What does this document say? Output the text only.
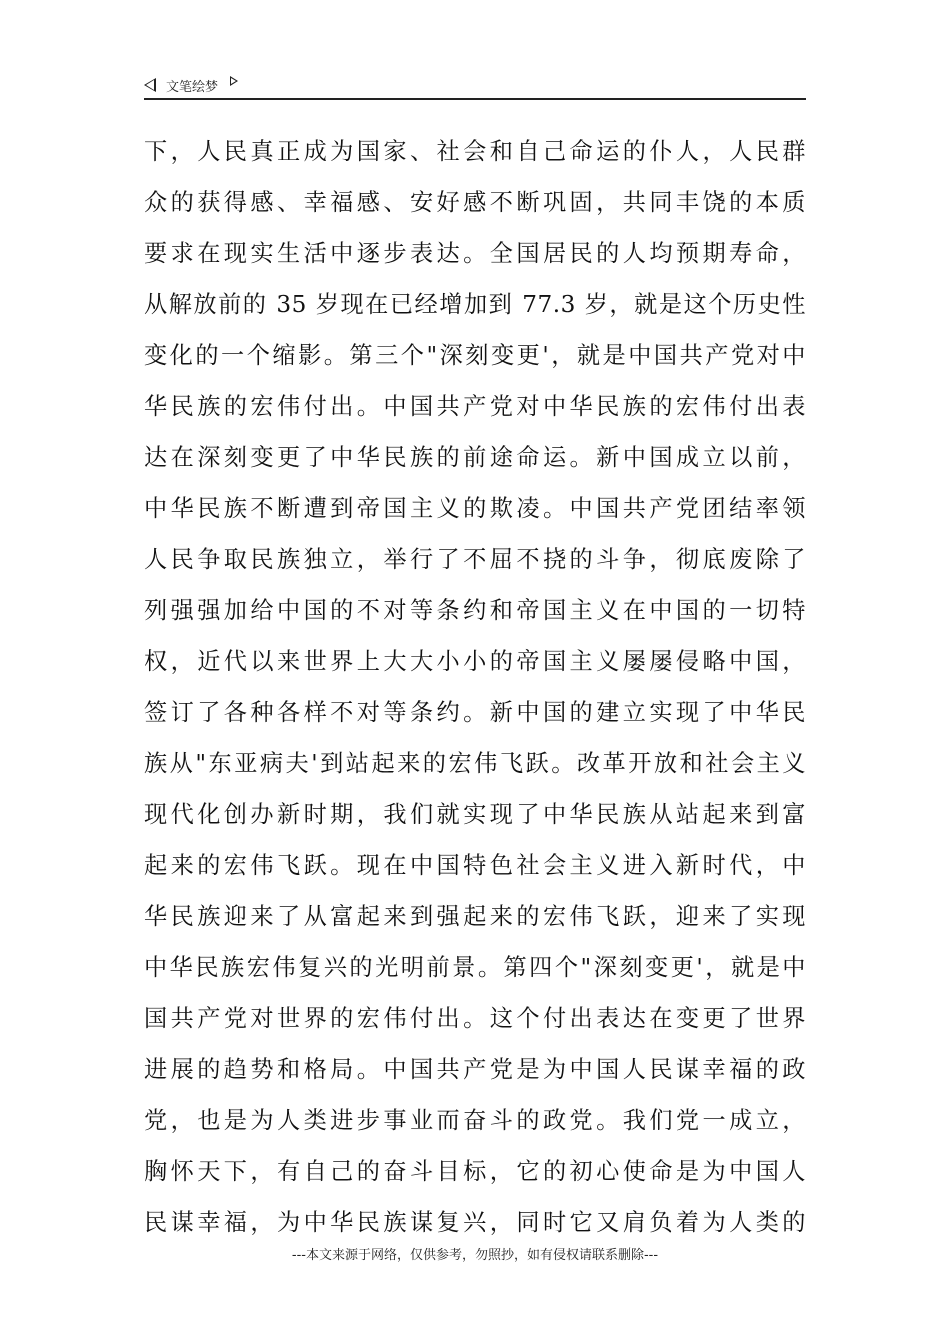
文笔绘梦
下，人民真正成为国家、社会和自己命运的仆人，人民群
众的获得感、幸福感、安好感不断巩固，共同丰饶的本质
要求在现实生活中逐步表达。全国居民的人均预期寿命，
从解放前的 35 岁现在已经增加到 77.3 岁，就是这个历史性
变化的一个缩影。第三个"深刻变更'，就是中国共产党对中
华民族的宏伟付出。中国共产党对中华民族的宏伟付出表
达在深刻变更了中华民族的前途命运。新中国成立以前，
中华民族不断遭到帝国主义的欺凌。中国共产党团结率领
人民争取民族独立，举行了不屈不挠的斗争，彻底废除了
列强强加给中国的不对等条约和帝国主义在中国的一切特
权，近代以来世界上大大小小的帝国主义屡屡侵略中国，
签订了各种各样不对等条约。新中国的建立实现了中华民
族从"东亚病夫'到站起来的宏伟飞跃。改革开放和社会主义
现代化创办新时期，我们就实现了中华民族从站起来到富
起来的宏伟飞跃。现在中国特色社会主义进入新时代，中
华民族迎来了从富起来到强起来的宏伟飞跃，迎来了实现
中华民族宏伟复兴的光明前景。第四个"深刻变更'，就是中
国共产党对世界的宏伟付出。这个付出表达在变更了世界
进展的趋势和格局。中国共产党是为中国人民谋幸福的政
党，也是为人类进步事业而奋斗的政党。我们党一成立，
胸怀天下，有自己的奋斗目标，它的初心使命是为中国人
民谋幸福，为中华民族谋复兴，同时它又肩负着为人类的
---本文来源于网络，仅供参考，勿照抄，如有侵权请联系删除---
